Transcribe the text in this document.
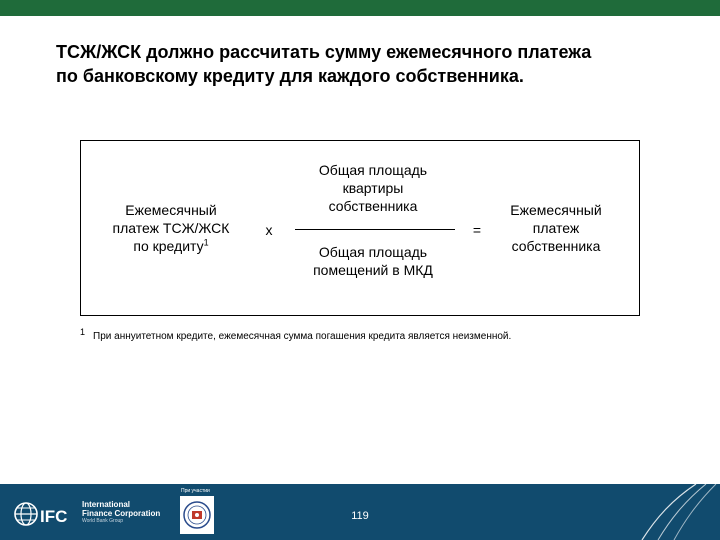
ТСЖ/ЖСК должно рассчитать сумму ежемесячного платежа
по банковскому кредиту для каждого собственника.
Ежемесячный
платеж ТСЖ/ЖСК
по кредиту$^1$
x
Общая площадь
квартиры
собственника
Общая площадь
помещений в МКД
=
Ежемесячный
платеж
собственника
1 При аннуитетном кредите, ежемесячная сумма погашения кредита является неизменной.
IFC
International
Finance Corporation
World Bank Group
При участии
119
